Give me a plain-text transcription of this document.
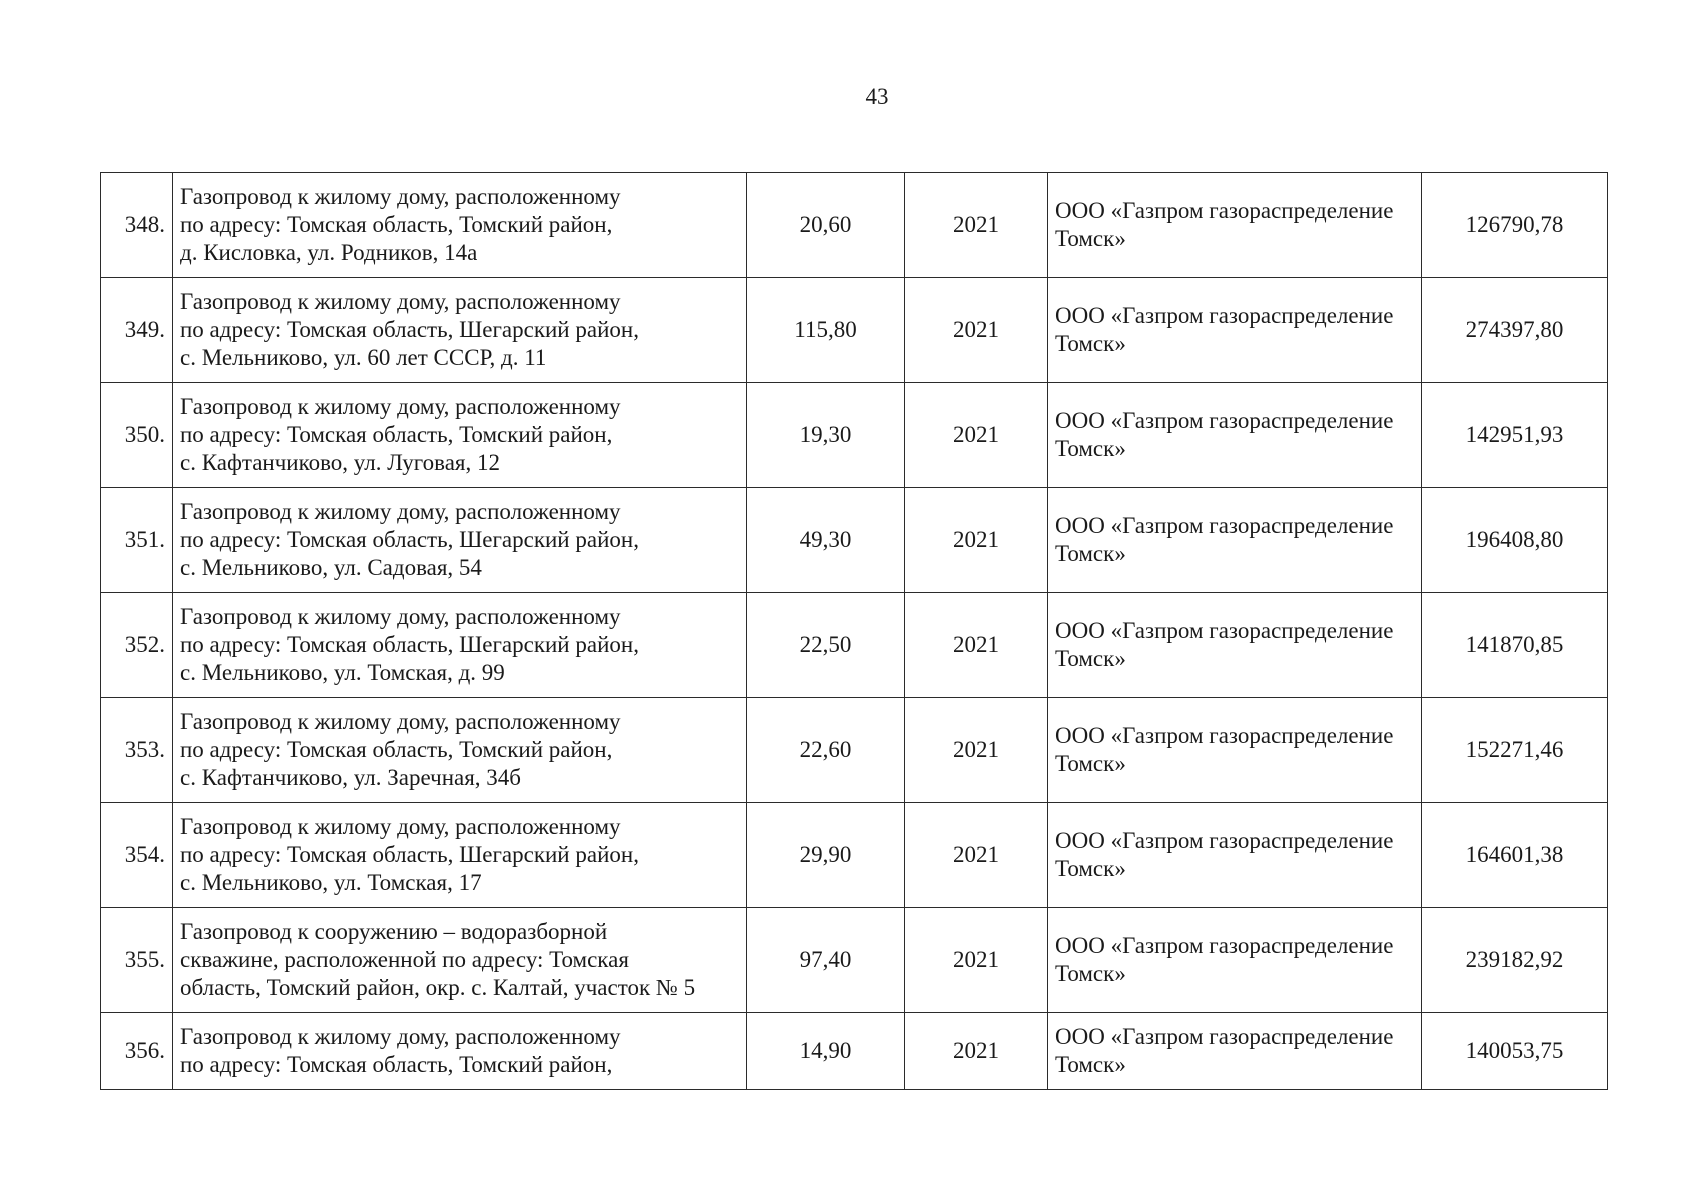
43
348.	Газопровод к жилому дому, расположенному
по адресу: Томская область, Томский район,
д. Кисловка, ул. Родников, 14а	20,60	2021	ООО «Газпром газораспределение
Томск»	126790,78
349.	Газопровод к жилому дому, расположенному
по адресу: Томская область, Шегарский район,
с. Мельниково, ул. 60 лет СССР, д. 11	115,80	2021	ООО «Газпром газораспределение
Томск»	274397,80
350.	Газопровод к жилому дому, расположенному
по адресу: Томская область, Томский район,
с. Кафтанчиково, ул. Луговая, 12	19,30	2021	ООО «Газпром газораспределение
Томск»	142951,93
351.	Газопровод к жилому дому, расположенному
по адресу: Томская область, Шегарский район,
с. Мельниково, ул. Садовая, 54	49,30	2021	ООО «Газпром газораспределение
Томск»	196408,80
352.	Газопровод к жилому дому, расположенному
по адресу: Томская область, Шегарский район,
с. Мельниково, ул. Томская, д. 99	22,50	2021	ООО «Газпром газораспределение
Томск»	141870,85
353.	Газопровод к жилому дому, расположенному
по адресу: Томская область, Томский район,
с. Кафтанчиково, ул. Заречная, 34б	22,60	2021	ООО «Газпром газораспределение
Томск»	152271,46
354.	Газопровод к жилому дому, расположенному
по адресу: Томская область, Шегарский район,
с. Мельниково, ул. Томская, 17	29,90	2021	ООО «Газпром газораспределение
Томск»	164601,38
355.	Газопровод к сооружению – водоразборной
скважине, расположенной по адресу: Томская
область, Томский район, окр. с. Калтай, участок № 5	97,40	2021	ООО «Газпром газораспределение
Томск»	239182,92
356.	Газопровод к жилому дому, расположенному
по адресу: Томская область, Томский район,	14,90	2021	ООО «Газпром газораспределение
Томск»	140053,75
